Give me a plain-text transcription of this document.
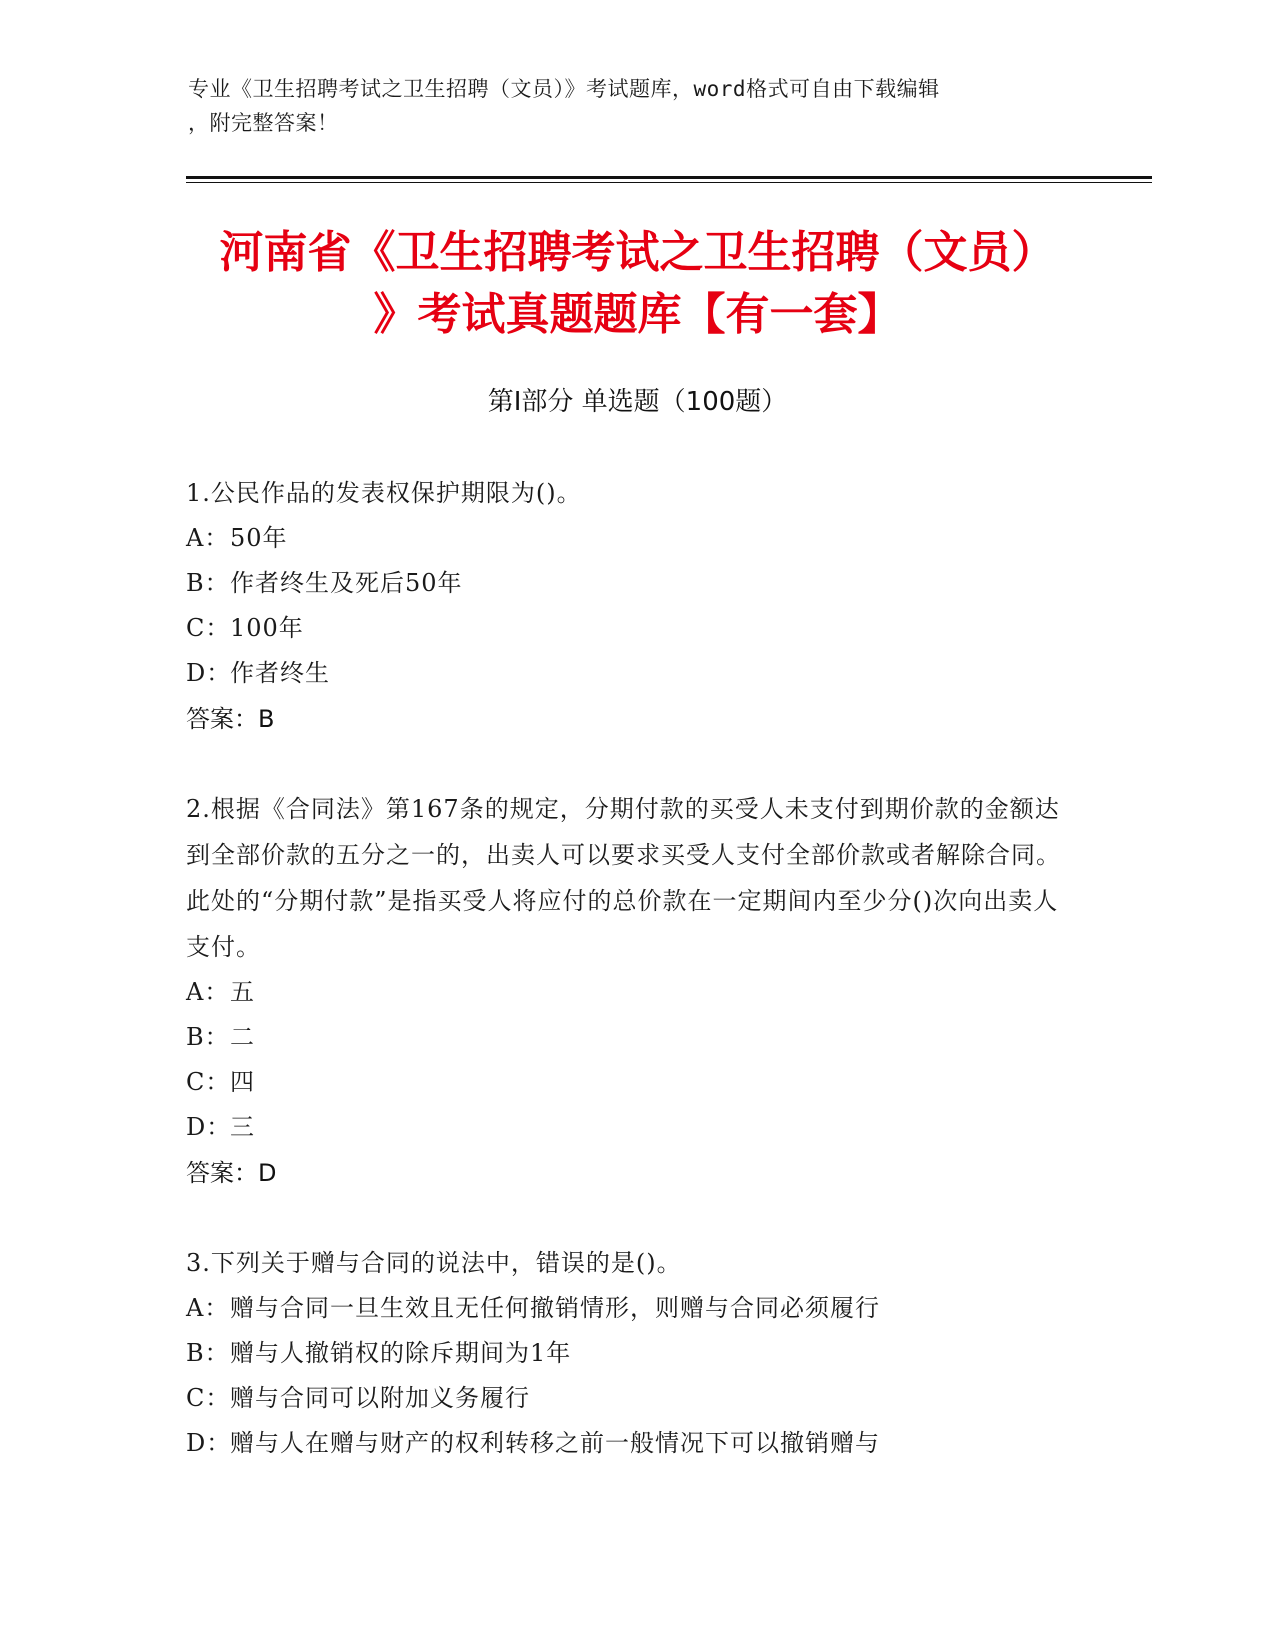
专业《卫生招聘考试之卫生招聘（文员）》考试题库，word格式可自由下载编辑
，附完整答案！
河南省《卫生招聘考试之卫生招聘（文员）
》考试真题题库【有一套】
第I部分 单选题（100题）
1.公民作品的发表权保护期限为()。
A：50年
B：作者终生及死后50年
C：100年
D：作者终生
答案：B
2.根据《合同法》第167条的规定，分期付款的买受人未支付到期价款的金额达到全部价款的五分之一的，出卖人可以要求买受人支付全部价款或者解除合同。此处的“分期付款”是指买受人将应付的总价款在一定期间内至少分()次向出卖人支付。
A：五
B：二
C：四
D：三
答案：D
3.下列关于赠与合同的说法中，错误的是()。
A：赠与合同一旦生效且无任何撤销情形，则赠与合同必须履行
B：赠与人撤销权的除斥期间为1年
C：赠与合同可以附加义务履行
D：赠与人在赠与财产的权利转移之前一般情况下可以撤销赠与
